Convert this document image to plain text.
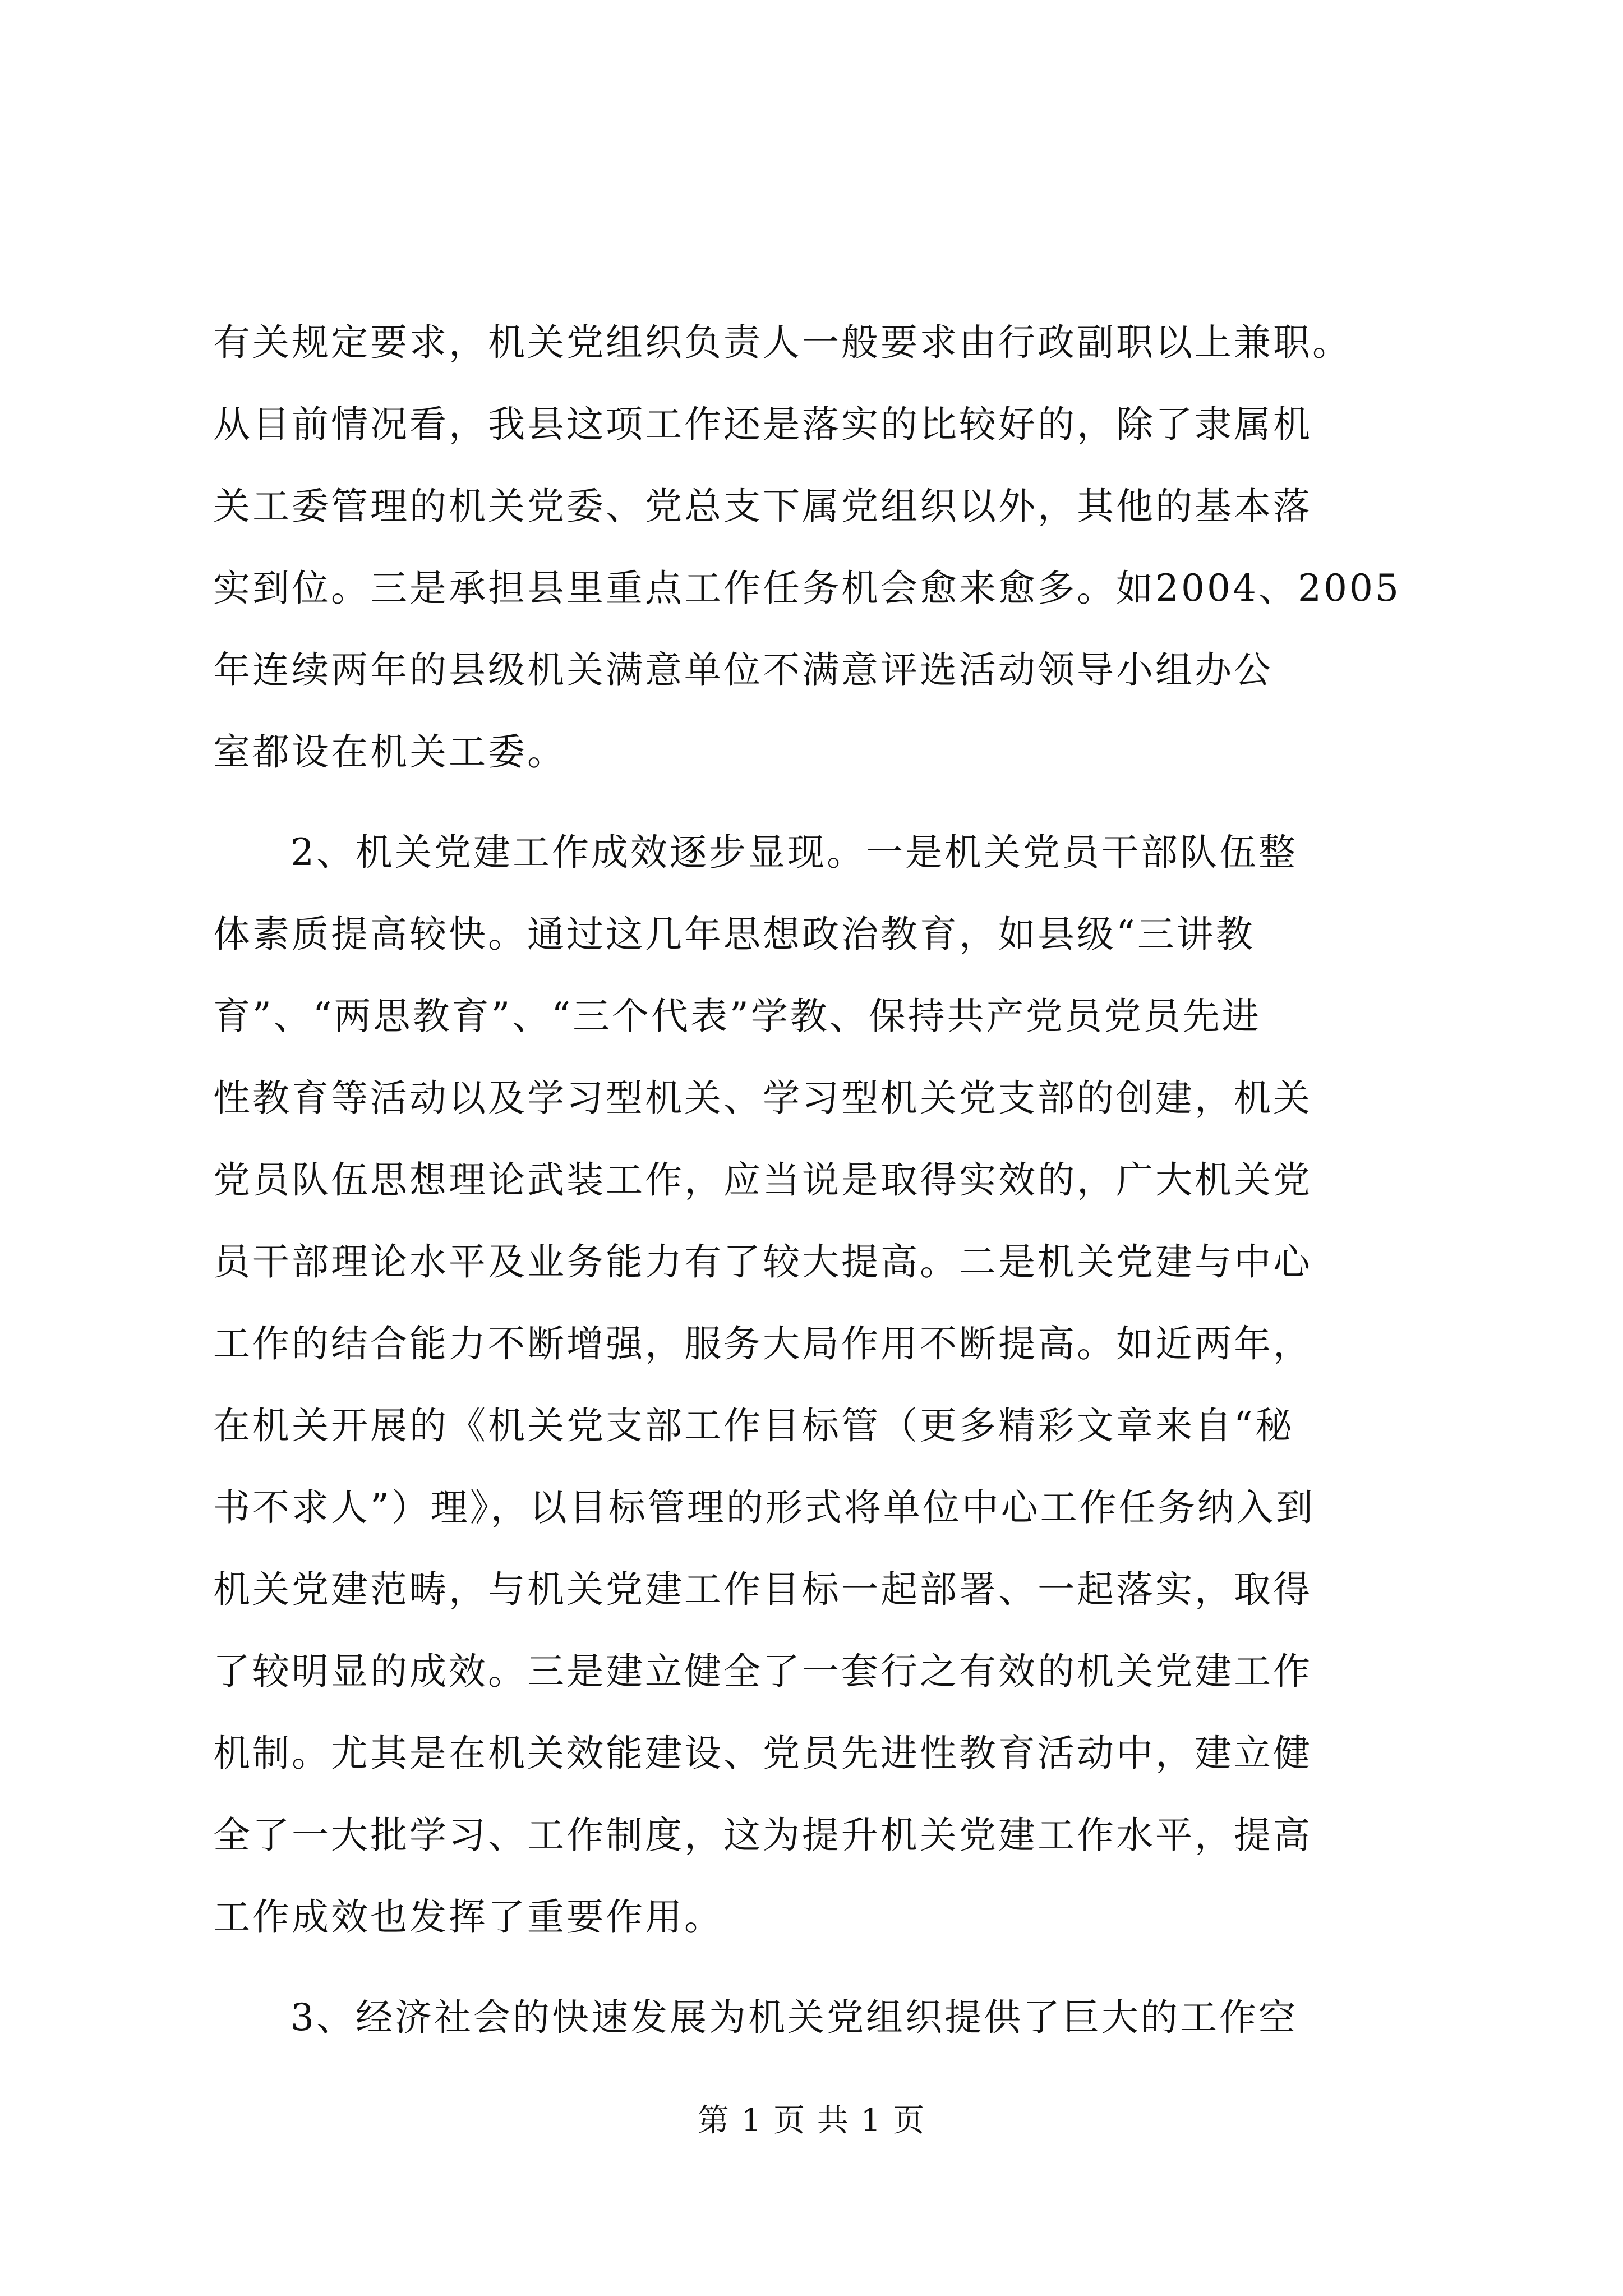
有关规定要求，机关党组织负责人一般要求由行政副职以上兼职。
从目前情况看，我县这项工作还是落实的比较好的，除了隶属机
关工委管理的机关党委、党总支下属党组织以外，其他的基本落
实到位。三是承担县里重点工作任务机会愈来愈多。如2004、2005
年连续两年的县级机关满意单位不满意评选活动领导小组办公
室都设在机关工委。
2、机关党建工作成效逐步显现。一是机关党员干部队伍整
体素质提高较快。通过这几年思想政治教育，如县级“三讲教
育”、“两思教育”、“三个代表”学教、保持共产党员党员先进
性教育等活动以及学习型机关、学习型机关党支部的创建，机关
党员队伍思想理论武装工作，应当说是取得实效的，广大机关党
员干部理论水平及业务能力有了较大提高。二是机关党建与中心
工作的结合能力不断增强，服务大局作用不断提高。如近两年，
在机关开展的《机关党支部工作目标管（更多精彩文章来自“秘
书不求人”）理》，以目标管理的形式将单位中心工作任务纳入到
机关党建范畴，与机关党建工作目标一起部署、一起落实，取得
了较明显的成效。三是建立健全了一套行之有效的机关党建工作
机制。尤其是在机关效能建设、党员先进性教育活动中，建立健
全了一大批学习、工作制度，这为提升机关党建工作水平，提高
工作成效也发挥了重要作用。
3、经济社会的快速发展为机关党组织提供了巨大的工作空
第 1 页 共 1 页
